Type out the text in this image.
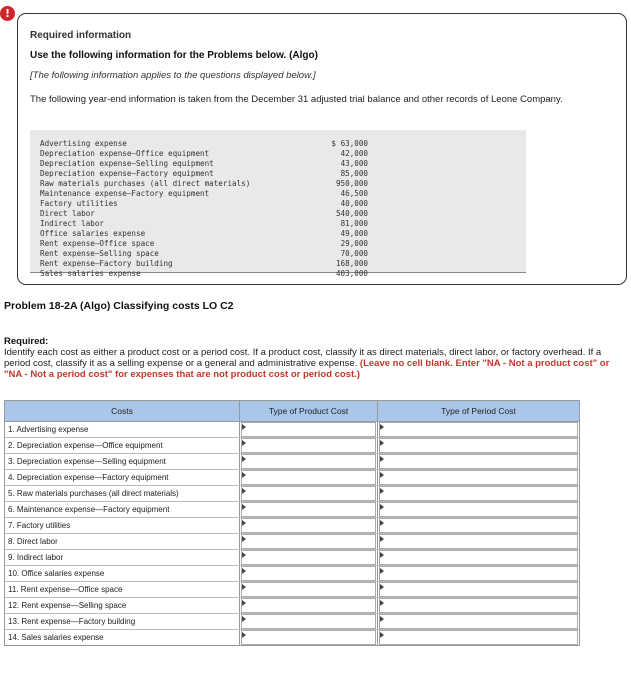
!
Required information
Use the following information for the Problems below. (Algo)
[The following information applies to the questions displayed below.]
The following year-end information is taken from the December 31 adjusted trial balance and other records of Leone Company.
Advertising expense	$ 63,000
Depreciation expense—Office equipment	42,000
Depreciation expense—Selling equipment	43,000
Depreciation expense—Factory equipment	85,000
Raw materials purchases (all direct materials)	950,000
Maintenance expense—Factory equipment	46,500
Factory utilities	40,000
Direct labor	540,000
Indirect labor	81,000
Office salaries expense	49,000
Rent expense—Office space	29,000
Rent expense—Selling space	70,000
Rent expense—Factory building	168,000
Sales salaries expense	403,000
Problem 18-2A (Algo) Classifying costs LO C2
Required:
Identify each cost as either a product cost or a period cost. If a product cost, classify it as direct materials, direct labor, or factory overhead. If a period cost, classify it as a selling expense or a general and administrative expense. (Leave no cell blank. Enter "NA - Not a product cost" or "NA - Not a period cost" for expenses that are not product cost or period cost.)
Costs	Type of Product Cost	Type of Period Cost
1. Advertising expense
2. Depreciation expense—Office equipment
3. Depreciation expense—Selling equipment
4. Depreciation expense—Factory equipment
5. Raw materials purchases (all direct materials)
6. Maintenance expense—Factory equipment
7. Factory utilities
8. Direct labor
9. Indirect labor
10. Office salaries expense
11. Rent expense—Office space
12. Rent expense—Selling space
13. Rent expense—Factory building
14. Sales salaries expense
